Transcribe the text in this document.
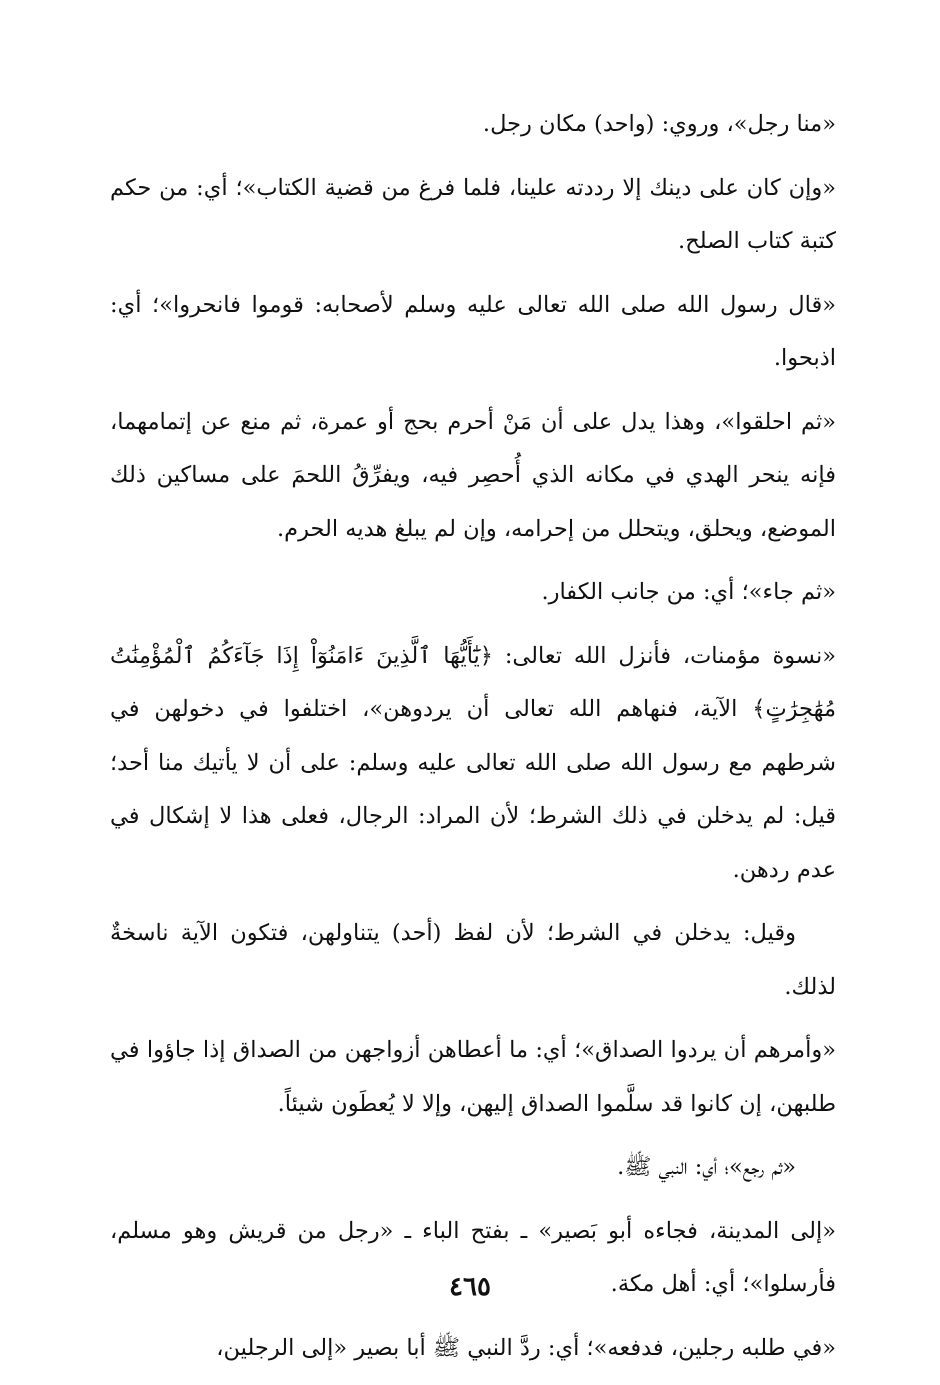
«منا رجل»، وروي: (واحد) مكان رجل.

«وإن كان على دينك إلا رددته علينا، فلما فرغ من قضية الكتاب»؛ أي: من حكم كتبة كتاب الصلح.

«قال رسول الله صلى الله تعالى عليه وسلم لأصحابه: قوموا فانحروا»؛ أي: اذبحوا.

«ثم احلقوا»، وهذا يدل على أن مَنْ أحرم بحج أو عمرة، ثم منع عن إتمامهما، فإنه ينحر الهدي في مكانه الذي أُحصِر فيه، ويفرِّقُ اللحمَ على مساكين ذلك الموضع، ويحلق، ويتحلل من إحرامه، وإن لم يبلغ هديه الحرم.

«ثم جاء»؛ أي: من جانب الكفار.

«نسوة مؤمنات، فأنزل الله تعالى: ﴿يَٰٓأَيُّهَا ٱلَّذِينَ ءَامَنُوٓاْ إِذَا جَآءَكُمُ ٱلْمُؤْمِنَٰتُ مُهَٰجِرَٰتٍ﴾ الآية، فنهاهم الله تعالى أن يردوهن»، اختلفوا في دخولهن في شرطهم مع رسول الله صلى الله تعالى عليه وسلم: على أن لا يأتيك منا أحد؛ قيل: لم يدخلن في ذلك الشرط؛ لأن المراد: الرجال، فعلى هذا لا إشكال في عدم ردهن.

وقيل: يدخلن في الشرط؛ لأن لفظ (أحد) يتناولهن، فتكون الآية ناسخةٌ لذلك.

«وأمرهم أن يردوا الصداق»؛ أي: ما أعطاهن أزواجهن من الصداق إذا جاؤوا في طلبهن، إن كانوا قد سلَّموا الصداق إليهن، وإلا لا يُعطَون شيئاً.

«ثم رجع»؛ أي: النبي ﷺ.

«إلى المدينة، فجاءه أبو بَصير» ـ بفتح الباء ـ «رجل من قريش وهو مسلم، فأرسلوا»؛ أي: أهل مكة.

«في طلبه رجلين، فدفعه»؛ أي: ردَّ النبي ﷺ أبا بصير «إلى الرجلين،

٤٦٥
